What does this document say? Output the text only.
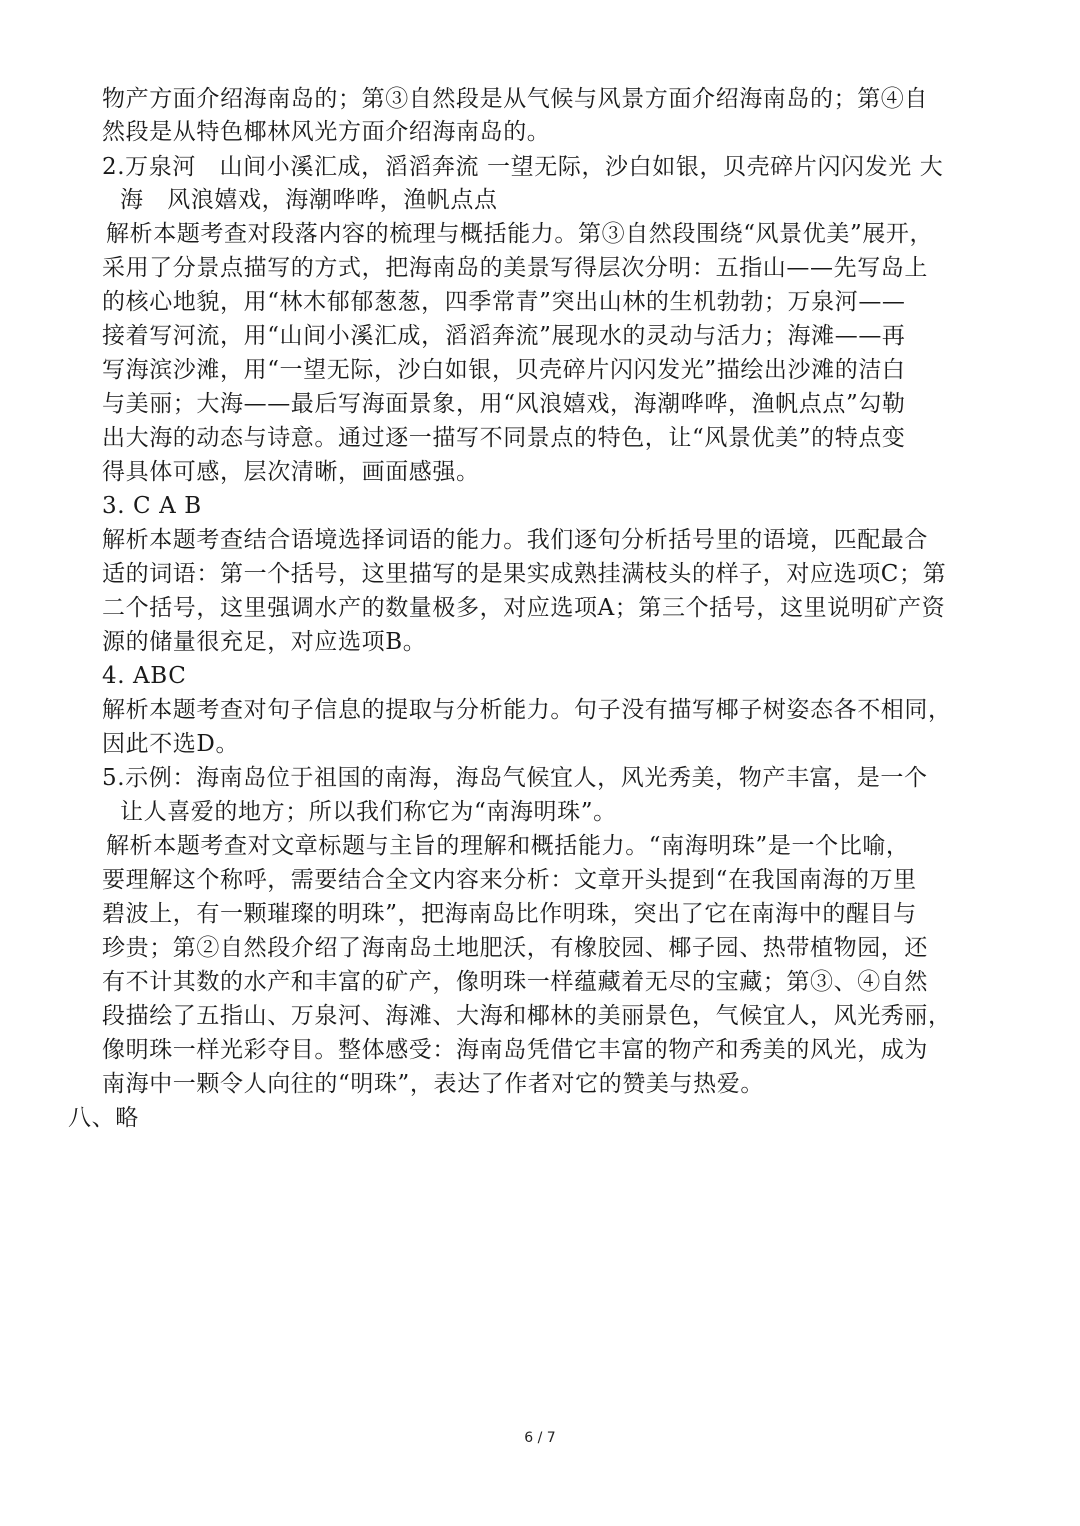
物产方面介绍海南岛的；第③自然段是从气候与风景方面介绍海南岛的；第④自
然段是从特色椰林风光方面介绍海南岛的。
2.万泉河　山间小溪汇成，滔滔奔流 一望无际，沙白如银，贝壳碎片闪闪发光 大
海　风浪嬉戏，海潮哗哗，渔帆点点
解析本题考查对段落内容的梳理与概括能力。第③自然段围绕“风景优美”展开，
采用了分景点描写的方式，把海南岛的美景写得层次分明：五指山——先写岛上
的核心地貌，用“林木郁郁葱葱，四季常青”突出山林的生机勃勃；万泉河——
接着写河流，用“山间小溪汇成，滔滔奔流”展现水的灵动与活力；海滩——再
写海滨沙滩，用“一望无际，沙白如银，贝壳碎片闪闪发光”描绘出沙滩的洁白
与美丽；大海——最后写海面景象，用“风浪嬉戏，海潮哗哗，渔帆点点”勾勒
出大海的动态与诗意。通过逐一描写不同景点的特色，让“风景优美”的特点变
得具体可感，层次清晰，画面感强。
3. C A B
解析本题考查结合语境选择词语的能力。我们逐句分析括号里的语境，匹配最合
适的词语：第一个括号，这里描写的是果实成熟挂满枝头的样子，对应选项C；第
二个括号，这里强调水产的数量极多，对应选项A；第三个括号，这里说明矿产资
源的储量很充足，对应选项B。
4. ABC
解析本题考查对句子信息的提取与分析能力。句子没有描写椰子树姿态各不相同，
因此不选D。
5.示例：海南岛位于祖国的南海，海岛气候宜人，风光秀美，物产丰富，是一个
让人喜爱的地方；所以我们称它为“南海明珠”。
解析本题考查对文章标题与主旨的理解和概括能力。“南海明珠”是一个比喻，
要理解这个称呼，需要结合全文内容来分析：文章开头提到“在我国南海的万里
碧波上，有一颗璀璨的明珠”，把海南岛比作明珠，突出了它在南海中的醒目与
珍贵；第②自然段介绍了海南岛土地肥沃，有橡胶园、椰子园、热带植物园，还
有不计其数的水产和丰富的矿产，像明珠一样蕴藏着无尽的宝藏；第③、④自然
段描绘了五指山、万泉河、海滩、大海和椰林的美丽景色，气候宜人，风光秀丽，
像明珠一样光彩夺目。整体感受：海南岛凭借它丰富的物产和秀美的风光，成为
南海中一颗令人向往的“明珠”，表达了作者对它的赞美与热爱。
八、略
6 / 7
